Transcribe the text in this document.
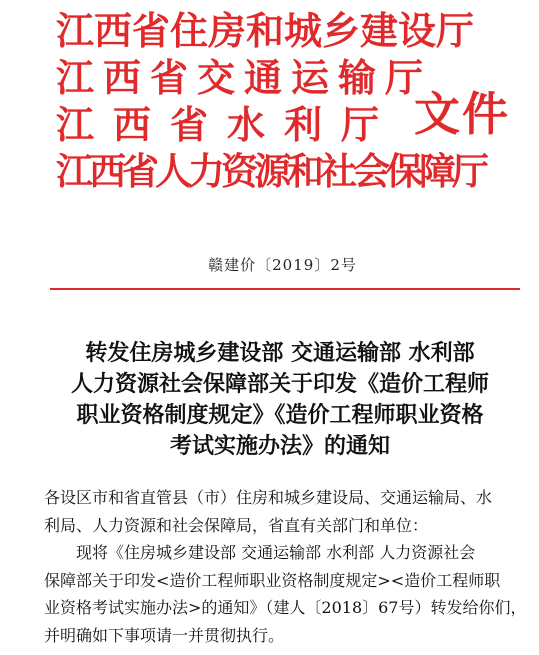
江西省住房和城乡建设厅
江西省交通运输厅
江西省水利厅
江西省人力资源和社会保障厅
文件
赣建价〔2019〕2号
转发住房城乡建设部 交通运输部 水利部
人力资源社会保障部关于印发《造价工程师
职业资格制度规定》《造价工程师职业资格
考试实施办法》的通知
各设区市和省直管县（市）住房和城乡建设局、交通运输局、水
利局、人力资源和社会保障局，省直有关部门和单位：
现将《住房城乡建设部 交通运输部 水利部 人力资源社会
保障部关于印发<造价工程师职业资格制度规定><造价工程师职
业资格考试实施办法>的通知》（建人〔2018〕67号）转发给你们，
并明确如下事项请一并贯彻执行。
